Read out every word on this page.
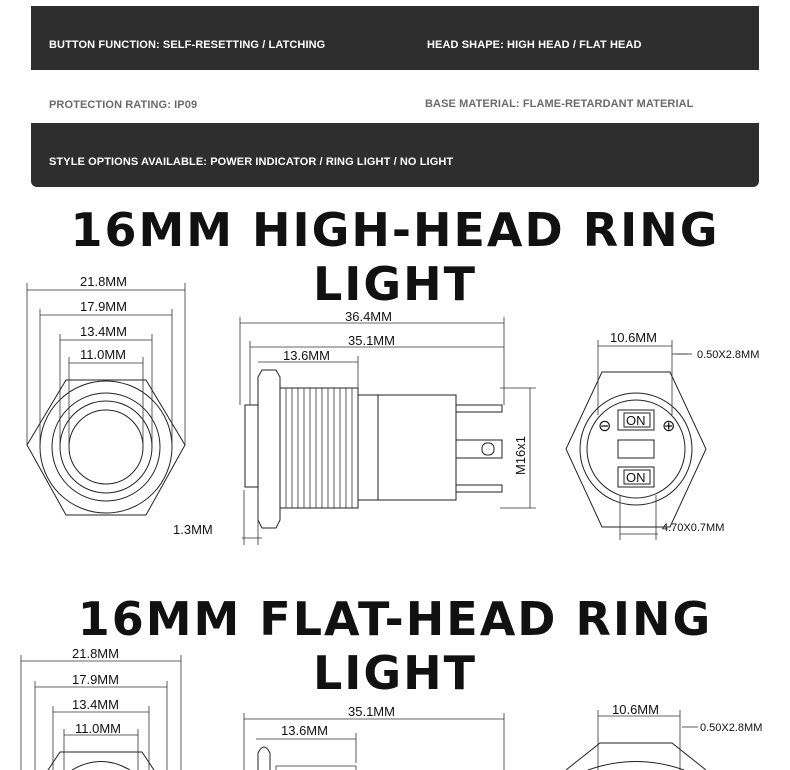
BUTTON FUNCTION: SELF-RESETTING / LATCHING	HEAD SHAPE: HIGH HEAD / FLAT HEAD
PROTECTION RATING: IP09	BASE MATERIAL: FLAME-RETARDANT MATERIAL
STYLE OPTIONS AVAILABLE: POWER INDICATOR / RING LIGHT / NO LIGHT
16MM HIGH-HEAD RING LIGHT
21.8MM
17.9MM
13.4MM
11.0MM
36.4MM
35.1MM
13.6MM
1.3MM
M16x1
ON
ON
⊖	⊕
10.6MM
0.50X2.8MM
4.70X0.7MM
16MM FLAT-HEAD RING LIGHT
21.8MM
17.9MM
13.4MM
11.0MM
35.1MM
13.6MM
10.6MM
0.50X2.8MM
